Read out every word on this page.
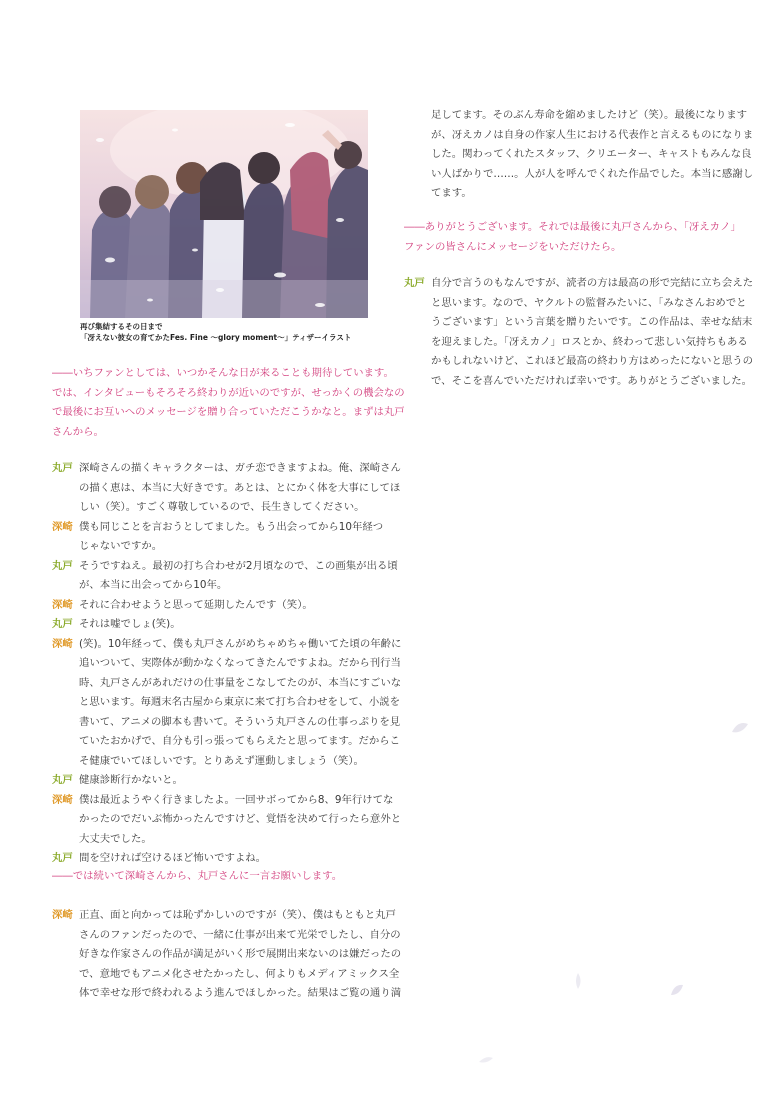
再び集結するその日まで
「冴えない彼女の育てかたFes. Fine ～glory moment～」ティザーイラスト
――いちファンとしては、いつかそんな日が来ることも期待しています。
では、インタビューもそろそろ終わりが近いのですが、せっかくの機会なの
で最後にお互いへのメッセージを贈り合っていただこうかなと。まずは丸戸
さんから。
丸戸 深崎さんの描くキャラクターは、ガチ恋できますよね。俺、深崎さん
の描く恵は、本当に大好きです。あとは、とにかく体を大事にしてほ
しい（笑）。すごく尊敬しているので、長生きしてください。
深崎 僕も同じことを言おうとしてました。もう出会ってから10年経つ
じゃないですか。
丸戸 そうですねえ。最初の打ち合わせが2月頃なので、この画集が出る頃
が、本当に出会ってから10年。
深崎 それに合わせようと思って延期したんです（笑）。
丸戸 それは嘘でしょ(笑)。
深崎 (笑)。10年経って、僕も丸戸さんがめちゃめちゃ働いてた頃の年齢に
追いついて、実際体が動かなくなってきたんですよね。だから刊行当
時、丸戸さんがあれだけの仕事量をこなしてたのが、本当にすごいな
と思います。毎週末名古屋から東京に来て打ち合わせをして、小説を
書いて、アニメの脚本も書いて。そういう丸戸さんの仕事っぷりを見
ていたおかげで、自分も引っ張ってもらえたと思ってます。だからこ
そ健康でいてほしいです。とりあえず運動しましょう（笑）。
丸戸 健康診断行かないと。
深崎 僕は最近ようやく行きましたよ。一回サボってから8、9年行けてな
かったのでだいぶ怖かったんですけど、覚悟を決めて行ったら意外と
大丈夫でした。
丸戸 間を空ければ空けるほど怖いですよね。
――では続いて深崎さんから、丸戸さんに一言お願いします。
深崎 正直、面と向かっては恥ずかしいのですが（笑）、僕はもともと丸戸
さんのファンだったので、一緒に仕事が出来て光栄でしたし、自分の
好きな作家さんの作品が満足がいく形で展開出来ないのは嫌だったの
で、意地でもアニメ化させたかったし、何よりもメディアミックス全
体で幸せな形で終われるよう進んでほしかった。結果はご覧の通り満
足してます。そのぶん寿命を縮めましたけど（笑）。最後になります
が、冴えカノは自身の作家人生における代表作と言えるものになりま
した。関わってくれたスタッフ、クリエーター、キャストもみんな良
い人ばかりで……。人が人を呼んでくれた作品でした。本当に感謝し
てます。
――ありがとうございます。それでは最後に丸戸さんから、「冴えカノ」
ファンの皆さんにメッセージをいただけたら。
丸戸 自分で言うのもなんですが、読者の方は最高の形で完結に立ち会えた
と思います。なので、ヤクルトの監督みたいに、「みなさんおめでと
うございます」という言葉を贈りたいです。この作品は、幸せな結末
を迎えました。「冴えカノ」ロスとか、終わって悲しい気持ちもある
かもしれないけど、これほど最高の終わり方はめったにないと思うの
で、そこを喜んでいただければ幸いです。ありがとうございました。
